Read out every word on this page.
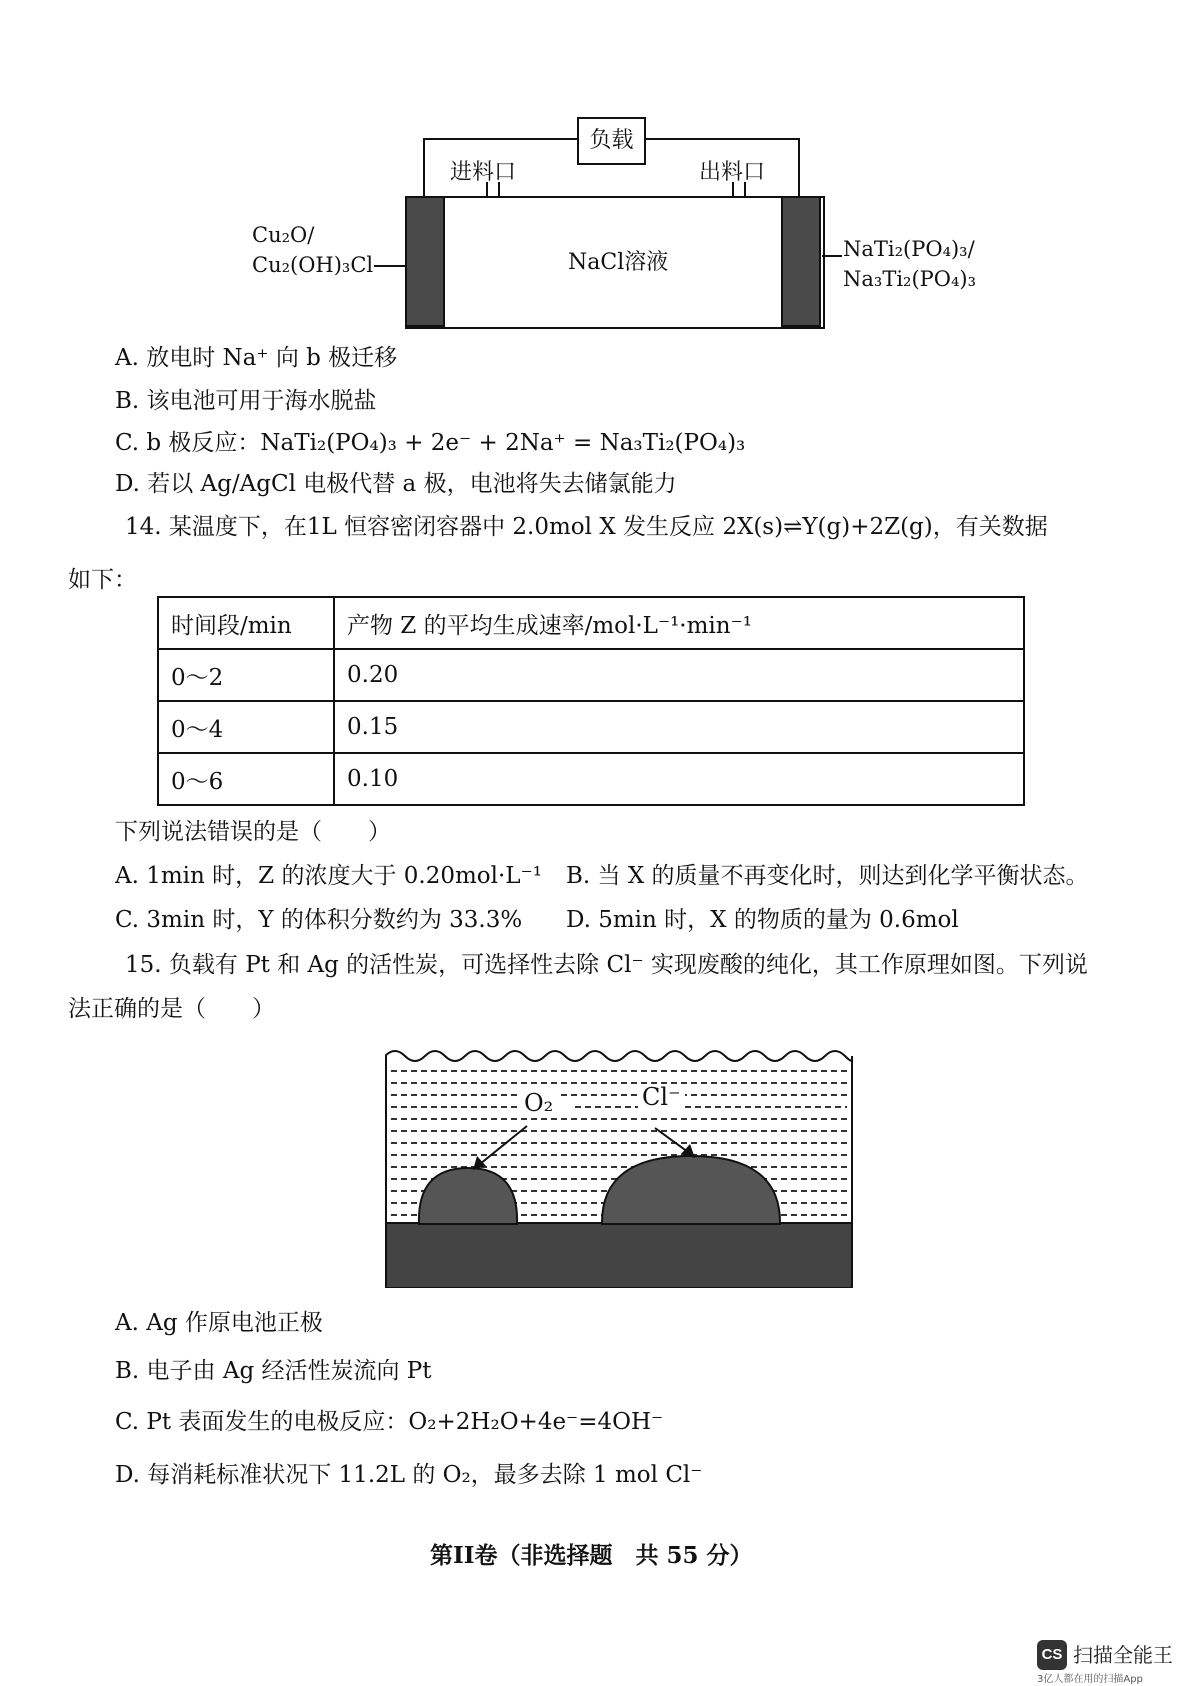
负载
进料口	出料口
NaCl溶液
Cu₂O/
Cu₂(OH)₃Cl
NaTi₂(PO₄)₃/
Na₃Ti₂(PO₄)₃
A. 放电时 Na⁺ 向 b 极迁移
B. 该电池可用于海水脱盐
C. b 极反应：NaTi₂(PO₄)₃ + 2e⁻ + 2Na⁺ = Na₃Ti₂(PO₄)₃
D. 若以 Ag/AgCl 电极代替 a 极，电池将失去储氯能力
14. 某温度下，在1L 恒容密闭容器中 2.0mol X 发生反应 2X(s)⇌Y(g)+2Z(g)，有关数据
如下：
时间段/min	产物 Z 的平均生成速率/mol·L⁻¹·min⁻¹
0～2	0.20
0～4	0.15
0～6	0.10
下列说法错误的是（　　）
A. 1min 时，Z 的浓度大于 0.20mol·L⁻¹ B. 当 X 的质量不再变化时，则达到化学平衡状态。
C. 3min 时，Y 的体积分数约为 33.3% D. 5min 时，X 的物质的量为 0.6mol
15. 负载有 Pt 和 Ag 的活性炭，可选择性去除 Cl⁻ 实现废酸的纯化，其工作原理如图。下列说
法正确的是（　　）
O₂	Cl⁻
A. Ag 作原电池正极
B. 电子由 Ag 经活性炭流向 Pt
C. Pt 表面发生的电极反应：O₂+2H₂O+4e⁻=4OH⁻
D. 每消耗标准状况下 11.2L 的 O₂，最多去除 1 mol Cl⁻
第II卷（非选择题　共 55 分）
CS 扫描全能王
3亿人都在用的扫描App
